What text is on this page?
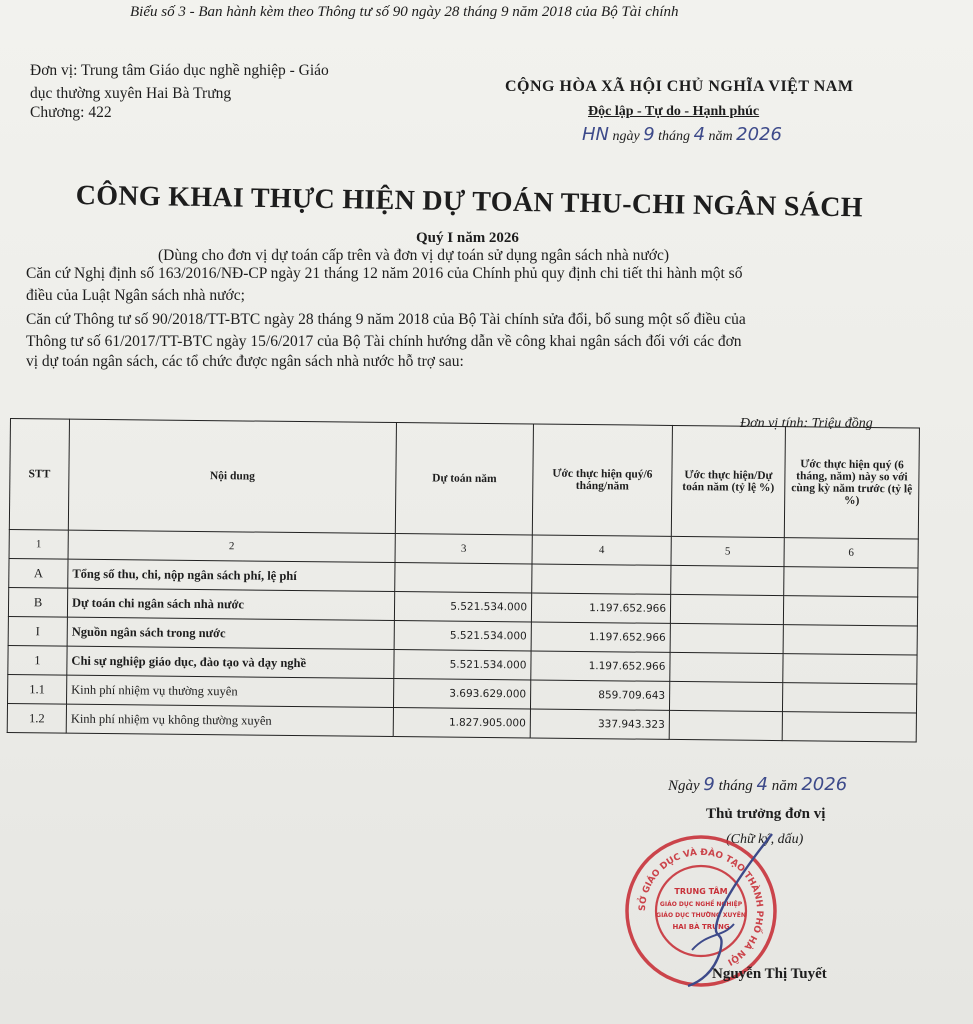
Biểu số 3 - Ban hành kèm theo Thông tư số 90 ngày 28 tháng 9 năm 2018 của Bộ Tài chính
Đơn vị: Trung tâm Giáo dục nghề nghiệp - Giáo
dục thường xuyên Hai Bà Trưng
Chương: 422
CỘNG HÒA XÃ HỘI CHỦ NGHĨA VIỆT NAM
Độc lập - Tự do - Hạnh phúc
HN ngày 9 tháng 4 năm 2026
CÔNG KHAI THỰC HIỆN DỰ TOÁN THU-CHI NGÂN SÁCH
Quý I năm 2026
(Dùng cho đơn vị dự toán cấp trên và đơn vị dự toán sử dụng ngân sách nhà nước)
Căn cứ Nghị định số 163/2016/NĐ-CP ngày 21 tháng 12 năm 2016 của Chính phủ quy định chi tiết thi hành một số
điều của Luật Ngân sách nhà nước;
Căn cứ Thông tư số 90/2018/TT-BTC ngày 28 tháng 9 năm 2018 của Bộ Tài chính sửa đổi, bổ sung một số điều của
Thông tư số 61/2017/TT-BTC ngày 15/6/2017 của Bộ Tài chính hướng dẫn về công khai ngân sách đối với các đơn
vị dự toán ngân sách, các tổ chức được ngân sách nhà nước hỗ trợ sau:
Đơn vị tính: Triệu đồng
STT	Nội dung	Dự toán năm	Ước thực hiện quý/6 tháng/năm	Ước thực hiện/Dự toán năm (tỷ lệ %)	Ước thực hiện quý (6 tháng, năm) này so với cùng kỳ năm trước (tỷ lệ %)
1	2	3	4	5	6
A	Tổng số thu, chi, nộp ngân sách phí, lệ phí				
B	Dự toán chi ngân sách nhà nước	5.521.534.000	1.197.652.966		
I	Nguồn ngân sách trong nước	5.521.534.000	1.197.652.966		
1	Chi sự nghiệp giáo dục, đào tạo và dạy nghề	5.521.534.000	1.197.652.966		
1.1	Kinh phí nhiệm vụ thường xuyên	3.693.629.000	859.709.643		
1.2	Kinh phí nhiệm vụ không thường xuyên	1.827.905.000	337.943.323		
Ngày 9 tháng 4 năm 2026
Thủ trưởng đơn vị
(Chữ ký, dấu)
SỞ GIÁO DỤC VÀ ĐÀO TẠO THÀNH PHỐ HÀ NỘI
TRUNG TÂM
GIÁO DỤC NGHỀ NGHIỆP
GIÁO DỤC THƯỜNG XUYÊN
HAI BÀ TRƯNG
Nguyễn Thị Tuyết
